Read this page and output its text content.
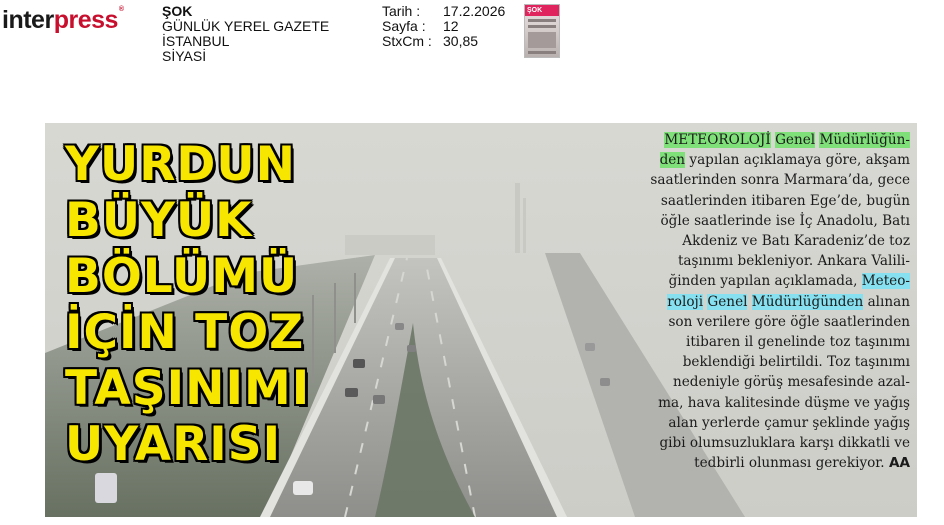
interpress®	ŞOK
GÜNLÜK YEREL GAZETE
İSTANBUL
SİYASİ
Tarih :
Sayfa :
StxCm :
17.2.2026
12
30,85
ŞOK
YURDUN
BÜYÜK
BÖLÜMÜ
İÇİN TOZ
TAŞINIMI
UYARISI
METEOROLOJİ Genel Müdürlüğün-
den yapılan açıklamaya göre, akşam
saatlerinden sonra Marmara’da, gece
saatlerinden itibaren Ege’de, bugün
öğle saatlerinde ise İç Anadolu, Batı
Akdeniz ve Batı Karadeniz’de toz
taşınımı bekleniyor. Ankara Valili-
ğinden yapılan açıklamada, Meteo-
roloji Genel Müdürlüğünden alınan
son verilere göre öğle saatlerinden
itibaren il genelinde toz taşınımı
beklendiği belirtildi. Toz taşınımı
nedeniyle görüş mesafesinde azal-
ma, hava kalitesinde düşme ve yağış
alan yerlerde çamur şeklinde yağış
gibi olumsuzluklara karşı dikkatli ve
tedbirli olunması gerekiyor. AA
